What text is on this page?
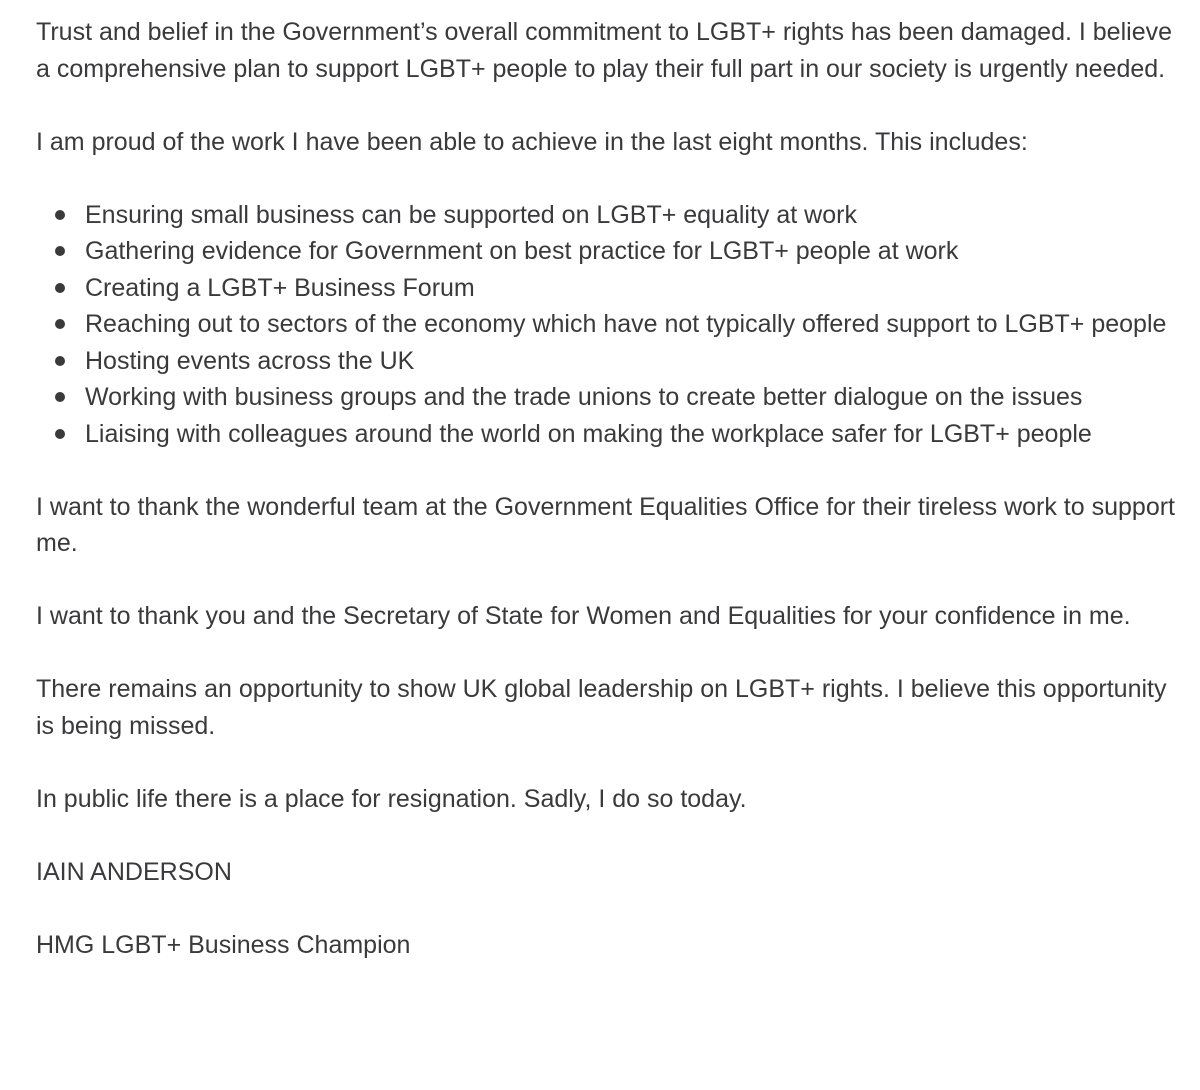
Trust and belief in the Government’s overall commitment to LGBT+ rights has been damaged. I believe a comprehensive plan to support LGBT+ people to play their full part in our society is urgently needed.

I am proud of the work I have been able to achieve in the last eight months. This includes:

Ensuring small business can be supported on LGBT+ equality at work
Gathering evidence for Government on best practice for LGBT+ people at work
Creating a LGBT+ Business Forum
Reaching out to sectors of the economy which have not typically offered support to LGBT+ people
Hosting events across the UK
Working with business groups and the trade unions to create better dialogue on the issues
Liaising with colleagues around the world on making the workplace safer for LGBT+ people

I want to thank the wonderful team at the Government Equalities Office for their tireless work to support me.

I want to thank you and the Secretary of State for Women and Equalities for your confidence in me.

There remains an opportunity to show UK global leadership on LGBT+ rights. I believe this opportunity is being missed.

In public life there is a place for resignation. Sadly, I do so today.

IAIN ANDERSON

HMG LGBT+ Business Champion
